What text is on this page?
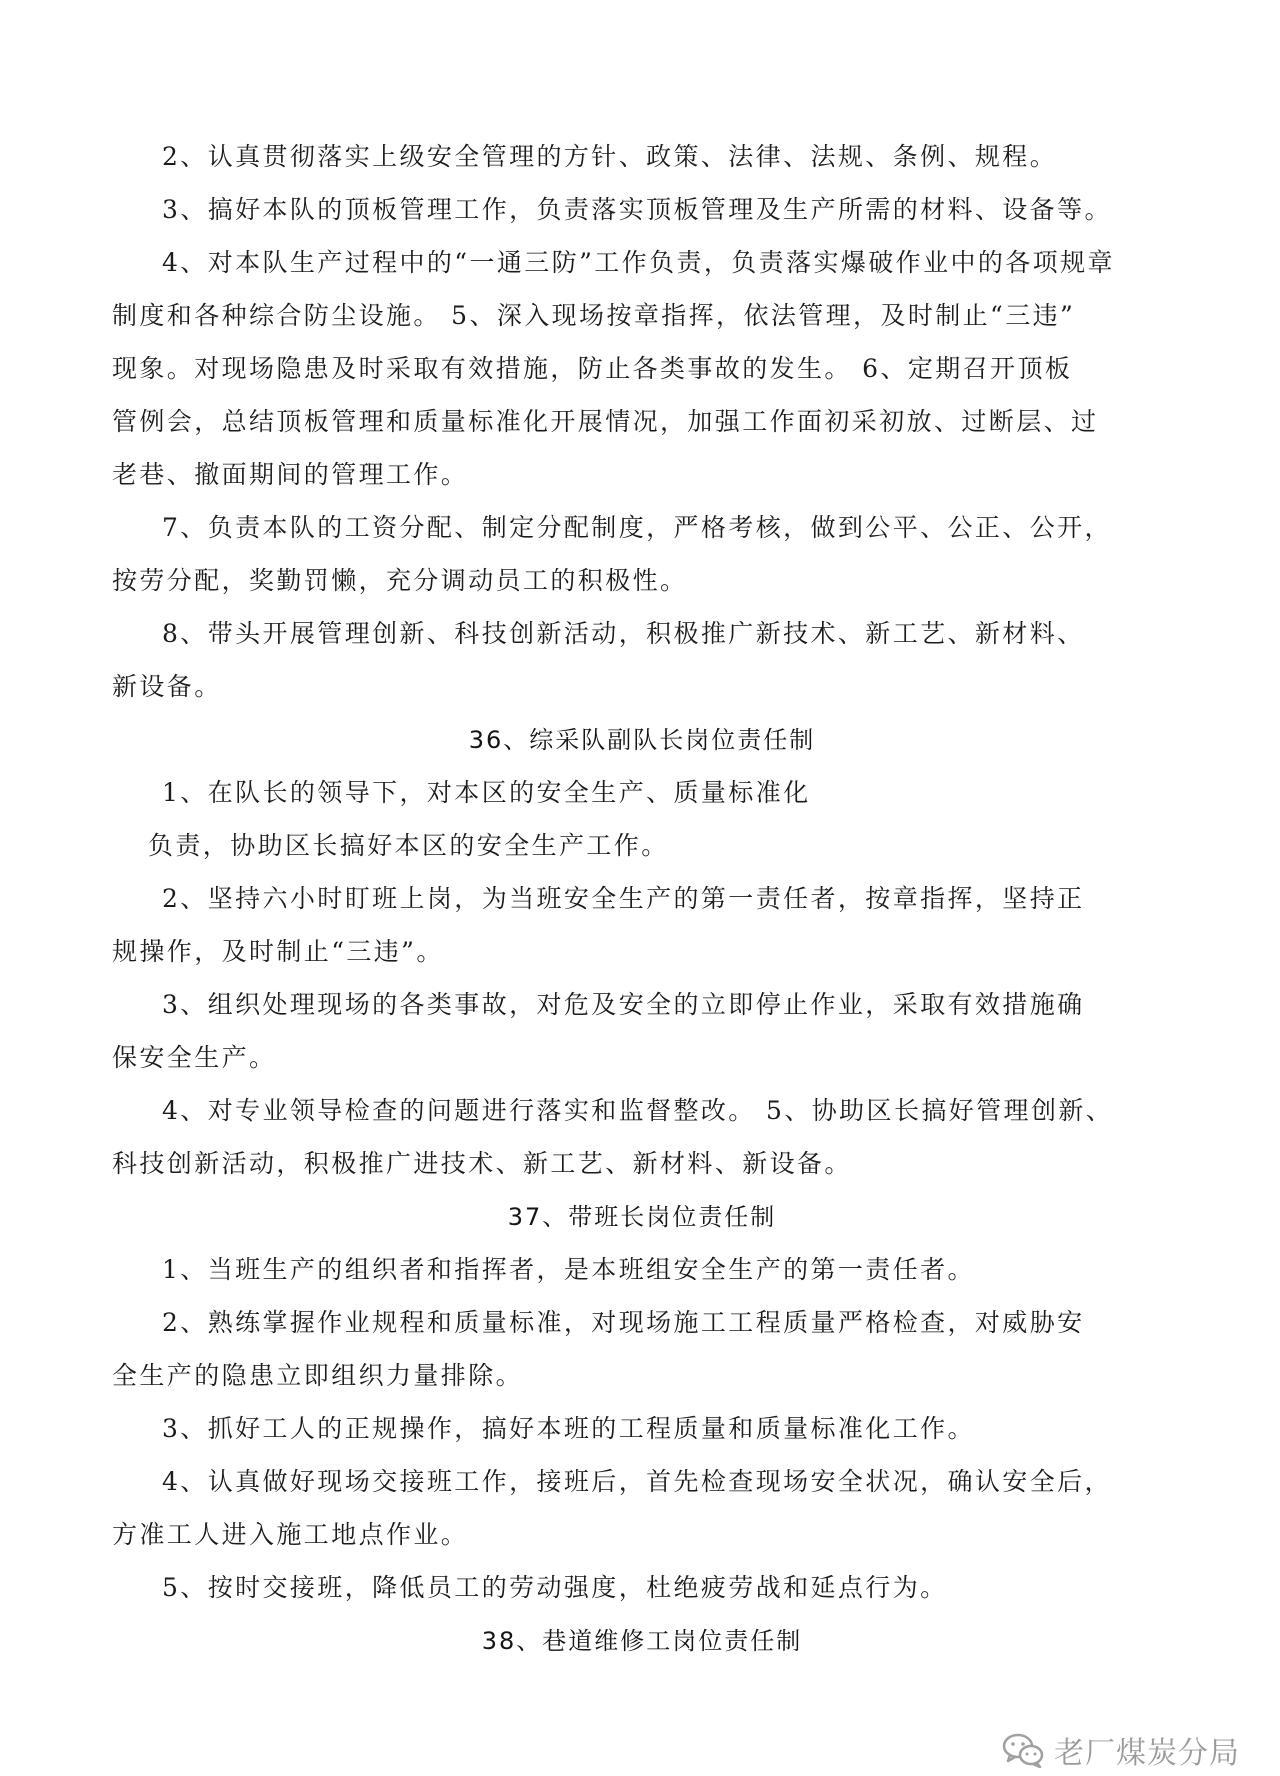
2、认真贯彻落实上级安全管理的方针、政策、法律、法规、条例、规程。
3、搞好本队的顶板管理工作，负责落实顶板管理及生产所需的材料、设备等。
4、对本队生产过程中的“一通三防”工作负责，负责落实爆破作业中的各项规章
制度和各种综合防尘设施。 5、深入现场按章指挥，依法管理，及时制止“三违”
现象。对现场隐患及时采取有效措施，防止各类事故的发生。 6、定期召开顶板
管例会，总结顶板管理和质量标准化开展情况，加强工作面初采初放、过断层、过
老巷、撤面期间的管理工作。
7、负责本队的工资分配、制定分配制度，严格考核，做到公平、公正、公开，
按劳分配，奖勤罚懒，充分调动员工的积极性。
8、带头开展管理创新、科技创新活动，积极推广新技术、新工艺、新材料、
新设备。
36、综采队副队长岗位责任制
1、在队长的领导下，对本区的安全生产、质量标准化
负责，协助区长搞好本区的安全生产工作。
2、坚持六小时盯班上岗，为当班安全生产的第一责任者，按章指挥，坚持正
规操作，及时制止“三违”。
3、组织处理现场的各类事故，对危及安全的立即停止作业，采取有效措施确
保安全生产。
4、对专业领导检查的问题进行落实和监督整改。 5、协助区长搞好管理创新、
科技创新活动，积极推广进技术、新工艺、新材料、新设备。
37、带班长岗位责任制
1、当班生产的组织者和指挥者，是本班组安全生产的第一责任者。
2、熟练掌握作业规程和质量标准，对现场施工工程质量严格检查，对威胁安
全生产的隐患立即组织力量排除。
3、抓好工人的正规操作，搞好本班的工程质量和质量标准化工作。
4、认真做好现场交接班工作，接班后，首先检查现场安全状况，确认安全后，
方准工人进入施工地点作业。
5、按时交接班，降低员工的劳动强度，杜绝疲劳战和延点行为。
38、巷道维修工岗位责任制
老厂煤炭分局
